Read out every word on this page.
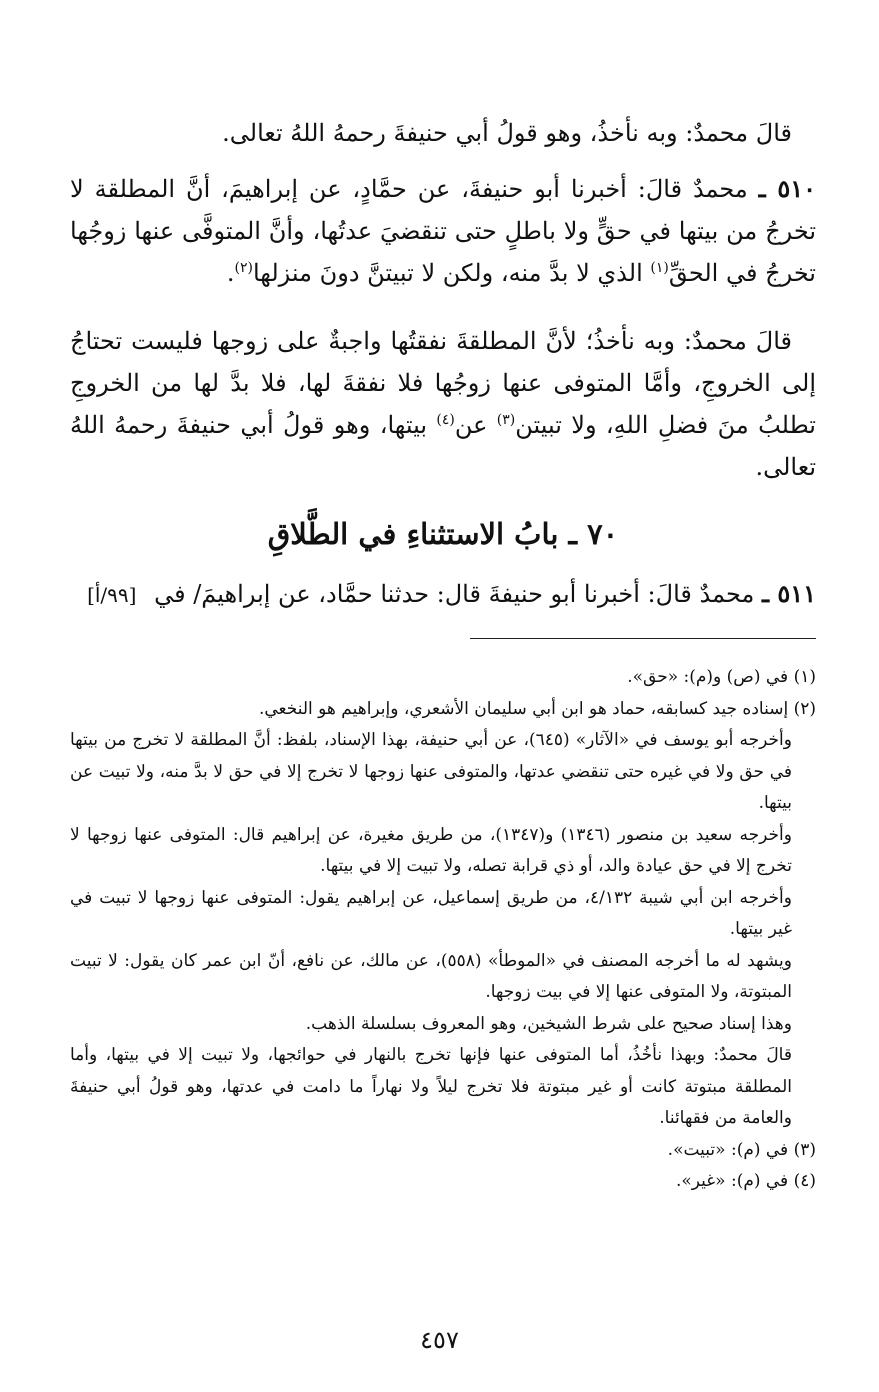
قالَ محمدٌ: وبه نأخذُ، وهو قولُ أبي حنيفةَ رحمهُ اللهُ تعالى.

٥١٠ ـ محمدٌ قالَ: أخبرنا أبو حنيفةَ، عن حمَّادٍ، عن إبراهيمَ، أنَّ المطلقة لا تخرجُ من بيتها في حقٍّ ولا باطلٍ حتى تنقضيَ عدتُها، وأنَّ المتوفَّى عنها زوجُها تخرجُ في الحقِّ$^{(١)}$ الذي لا بدَّ منه، ولكن لا تبيتنَّ دونَ منزلها$^{(٢)}$.

قالَ محمدٌ: وبه نأخذُ؛ لأنَّ المطلقةَ نفقتُها واجبةٌ على زوجها فليست تحتاجُ إلى الخروجِ، وأمَّا المتوفى عنها زوجُها فلا نفقةَ لها، فلا بدَّ لها من الخروجِ تطلبُ منَ فضلِ اللهِ، ولا تبيتن$^{(٣)}$ عن$^{(٤)}$ بيتها، وهو قولُ أبي حنيفةَ رحمهُ اللهُ تعالى.

٧٠ ـ بابُ الاستثناءِ في الطَّلاقِ
٥١١ ـ محمدٌ قالَ: أخبرنا أبو حنيفةَ قال: حدثنا حمَّاد، عن إبراهيمَ/ في [٩٩/أ]

(١) في (ص) و(م): «حق».

(٢) إسناده جيد كسابقه، حماد هو ابن أبي سليمان الأشعري، وإبراهيم هو النخعي.

وأخرجه أبو يوسف في «الآثار» (٦٤٥)، عن أبي حنيفة، بهذا الإسناد، بلفظ: أنَّ المطلقة لا تخرج من بيتها في حق ولا في غيره حتى تنقضي عدتها، والمتوفى عنها زوجها لا تخرج إلا في حق لا بدَّ منه، ولا تبيت عن بيتها.

وأخرجه سعيد بن منصور (١٣٤٦) و(١٣٤٧)، من طريق مغيرة، عن إبراهيم قال: المتوفى عنها زوجها لا تخرج إلا في حق عيادة والد، أو ذي قرابة تصله، ولا تبيت إلا في بيتها.

وأخرجه ابن أبي شيبة ٤/١٣٢، من طريق إسماعيل، عن إبراهيم يقول: المتوفى عنها زوجها لا تبيت في غير بيتها.

ويشهد له ما أخرجه المصنف في «الموطأ» (٥٥٨)، عن مالك، عن نافع، أنّ ابن عمر كان يقول: لا تبيت المبتوتة، ولا المتوفى عنها إلا في بيت زوجها.

وهذا إسناد صحيح على شرط الشيخين، وهو المعروف بسلسلة الذهب.

قالَ محمدٌ: وبهذا نأخُذُ، أما المتوفى عنها فإنها تخرج بالنهار في حوائجها، ولا تبيت إلا في بيتها، وأما المطلقة مبتوتة كانت أو غير مبتوتة فلا تخرج ليلاً ولا نهاراً ما دامت في عدتها، وهو قولُ أبي حنيفةَ والعامة من فقهائنا.

(٣) في (م): «تبيت».

(٤) في (م): «غير».

٤٥٧
